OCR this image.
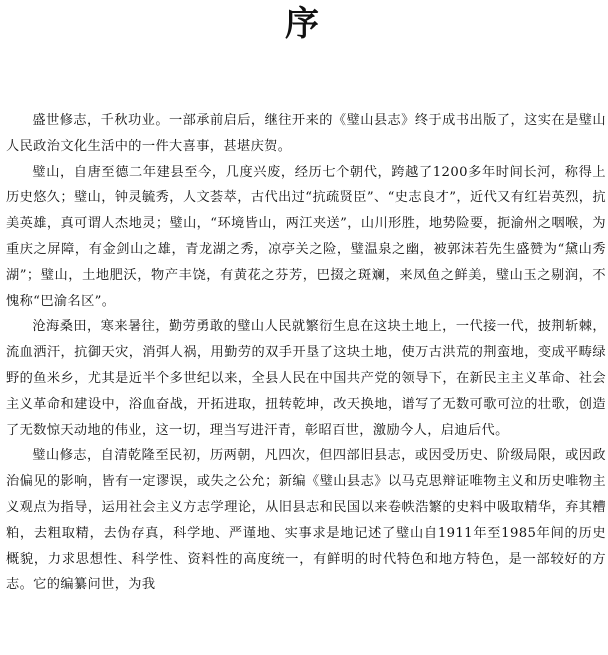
序

盛世修志，千秋功业。一部承前启后，继往开来的《璧山县志》终于成书出版了，这实在是璧山人民政治文化生活中的一件大喜事，甚堪庆贺。

璧山，自唐至德二年建县至今，几度兴废，经历七个朝代，跨越了1200多年时间长河，称得上历史悠久；璧山，钟灵毓秀，人文荟萃，古代出过“抗疏贤臣”、“史志良才”，近代又有红岩英烈，抗美英雄，真可谓人杰地灵；璧山，“环境皆山，两江夹送”，山川形胜，地势险要，扼渝州之咽喉，为重庆之屏障，有金剑山之雄，青龙湖之秀，凉亭关之险，璧温泉之幽，被郭沫若先生盛赞为“黛山秀湖”；璧山，土地肥沃，物产丰饶，有黄花之芬芳，巴掇之斑斓，来凤鱼之鲜美，璧山玉之剔润，不愧称“巴渝名区”。

沧海桑田，寒来暑往，勤劳勇敢的璧山人民就繁衍生息在这块土地上，一代接一代，披荆斩棘，流血洒汗，抗御天灾，消弭人祸，用勤劳的双手开垦了这块土地，使万古洪荒的荆蛮地，变成平畴绿野的鱼米乡，尤其是近半个多世纪以来，全县人民在中国共产党的领导下，在新民主主义革命、社会主义革命和建设中，浴血奋战，开拓进取，扭转乾坤，改天换地，谱写了无数可歌可泣的壮歌，创造了无数惊天动地的伟业，这一切，理当写进汗青，彰昭百世，激励今人，启迪后代。

璧山修志，自清乾隆至民初，历两朝，凡四次，但四部旧县志，或因受历史、阶级局限，或因政治偏见的影响，皆有一定谬误，或失之公允；新编《璧山县志》以马克思辩证唯物主义和历史唯物主义观点为指导，运用社会主义方志学理论，从旧县志和民国以来卷帙浩繁的史料中吸取精华，弃其糟粕，去粗取精，去伪存真，科学地、严谨地、实事求是地记述了璧山自1911年至1985年间的历史概貌，力求思想性、科学性、资料性的高度统一，有鲜明的时代特色和地方特色，是一部较好的方志。它的编纂问世，为我
